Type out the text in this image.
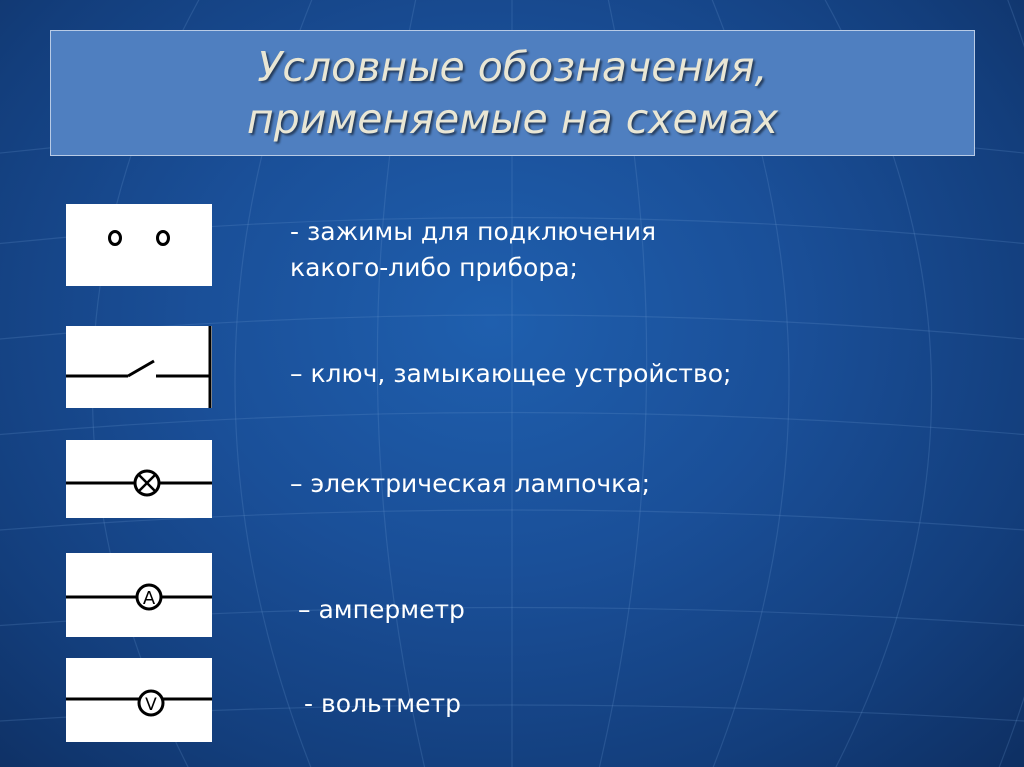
Условные обозначения,
применяемые на схемах
- зажимы для подключения
какого-либо прибора;
– ключ, замыкающее устройство;
– электрическая лампочка;
A	– амперметр
V	- вольтметр
